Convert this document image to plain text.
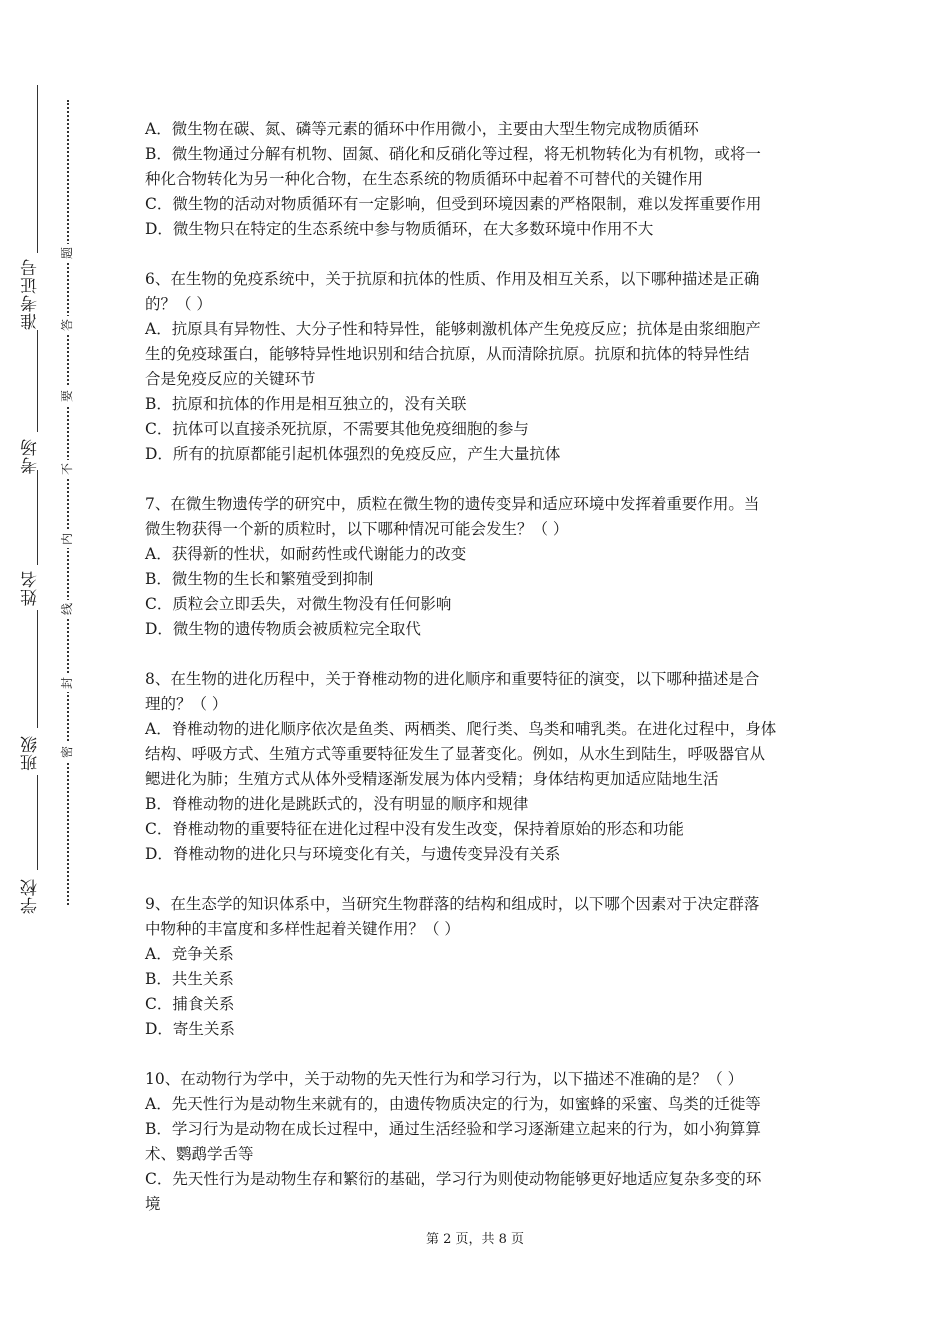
学校
班级
姓名
考场
准考证号
密
封
线
内
不
要
答
题
A．微生物在碳、氮、磷等元素的循环中作用微小，主要由大型生物完成物质循环
B．微生物通过分解有机物、固氮、硝化和反硝化等过程，将无机物转化为有机物，或将一
种化合物转化为另一种化合物，在生态系统的物质循环中起着不可替代的关键作用
C．微生物的活动对物质循环有一定影响，但受到环境因素的严格限制，难以发挥重要作用
D．微生物只在特定的生态系统中参与物质循环，在大多数环境中作用不大
6、在生物的免疫系统中，关于抗原和抗体的性质、作用及相互关系，以下哪种描述是正确
的？（ ）
A．抗原具有异物性、大分子性和特异性，能够刺激机体产生免疫反应；抗体是由浆细胞产
生的免疫球蛋白，能够特异性地识别和结合抗原，从而清除抗原。抗原和抗体的特异性结
合是免疫反应的关键环节
B．抗原和抗体的作用是相互独立的，没有关联
C．抗体可以直接杀死抗原，不需要其他免疫细胞的参与
D．所有的抗原都能引起机体强烈的免疫反应，产生大量抗体
7、在微生物遗传学的研究中，质粒在微生物的遗传变异和适应环境中发挥着重要作用。当
微生物获得一个新的质粒时，以下哪种情况可能会发生？（ ）
A．获得新的性状，如耐药性或代谢能力的改变
B．微生物的生长和繁殖受到抑制
C．质粒会立即丢失，对微生物没有任何影响
D．微生物的遗传物质会被质粒完全取代
8、在生物的进化历程中，关于脊椎动物的进化顺序和重要特征的演变，以下哪种描述是合
理的？（ ）
A．脊椎动物的进化顺序依次是鱼类、两栖类、爬行类、鸟类和哺乳类。在进化过程中，身体
结构、呼吸方式、生殖方式等重要特征发生了显著变化。例如，从水生到陆生，呼吸器官从
鳃进化为肺；生殖方式从体外受精逐渐发展为体内受精；身体结构更加适应陆地生活
B．脊椎动物的进化是跳跃式的，没有明显的顺序和规律
C．脊椎动物的重要特征在进化过程中没有发生改变，保持着原始的形态和功能
D．脊椎动物的进化只与环境变化有关，与遗传变异没有关系
9、在生态学的知识体系中，当研究生物群落的结构和组成时，以下哪个因素对于决定群落
中物种的丰富度和多样性起着关键作用？（ ）
A．竞争关系
B．共生关系
C．捕食关系
D．寄生关系
10、在动物行为学中，关于动物的先天性行为和学习行为，以下描述不准确的是？（ ）
A．先天性行为是动物生来就有的，由遗传物质决定的行为，如蜜蜂的采蜜、鸟类的迁徙等
B．学习行为是动物在成长过程中，通过生活经验和学习逐渐建立起来的行为，如小狗算算
术、鹦鹉学舌等
C．先天性行为是动物生存和繁衍的基础，学习行为则使动物能够更好地适应复杂多变的环
境
第 2 页，共 8 页
